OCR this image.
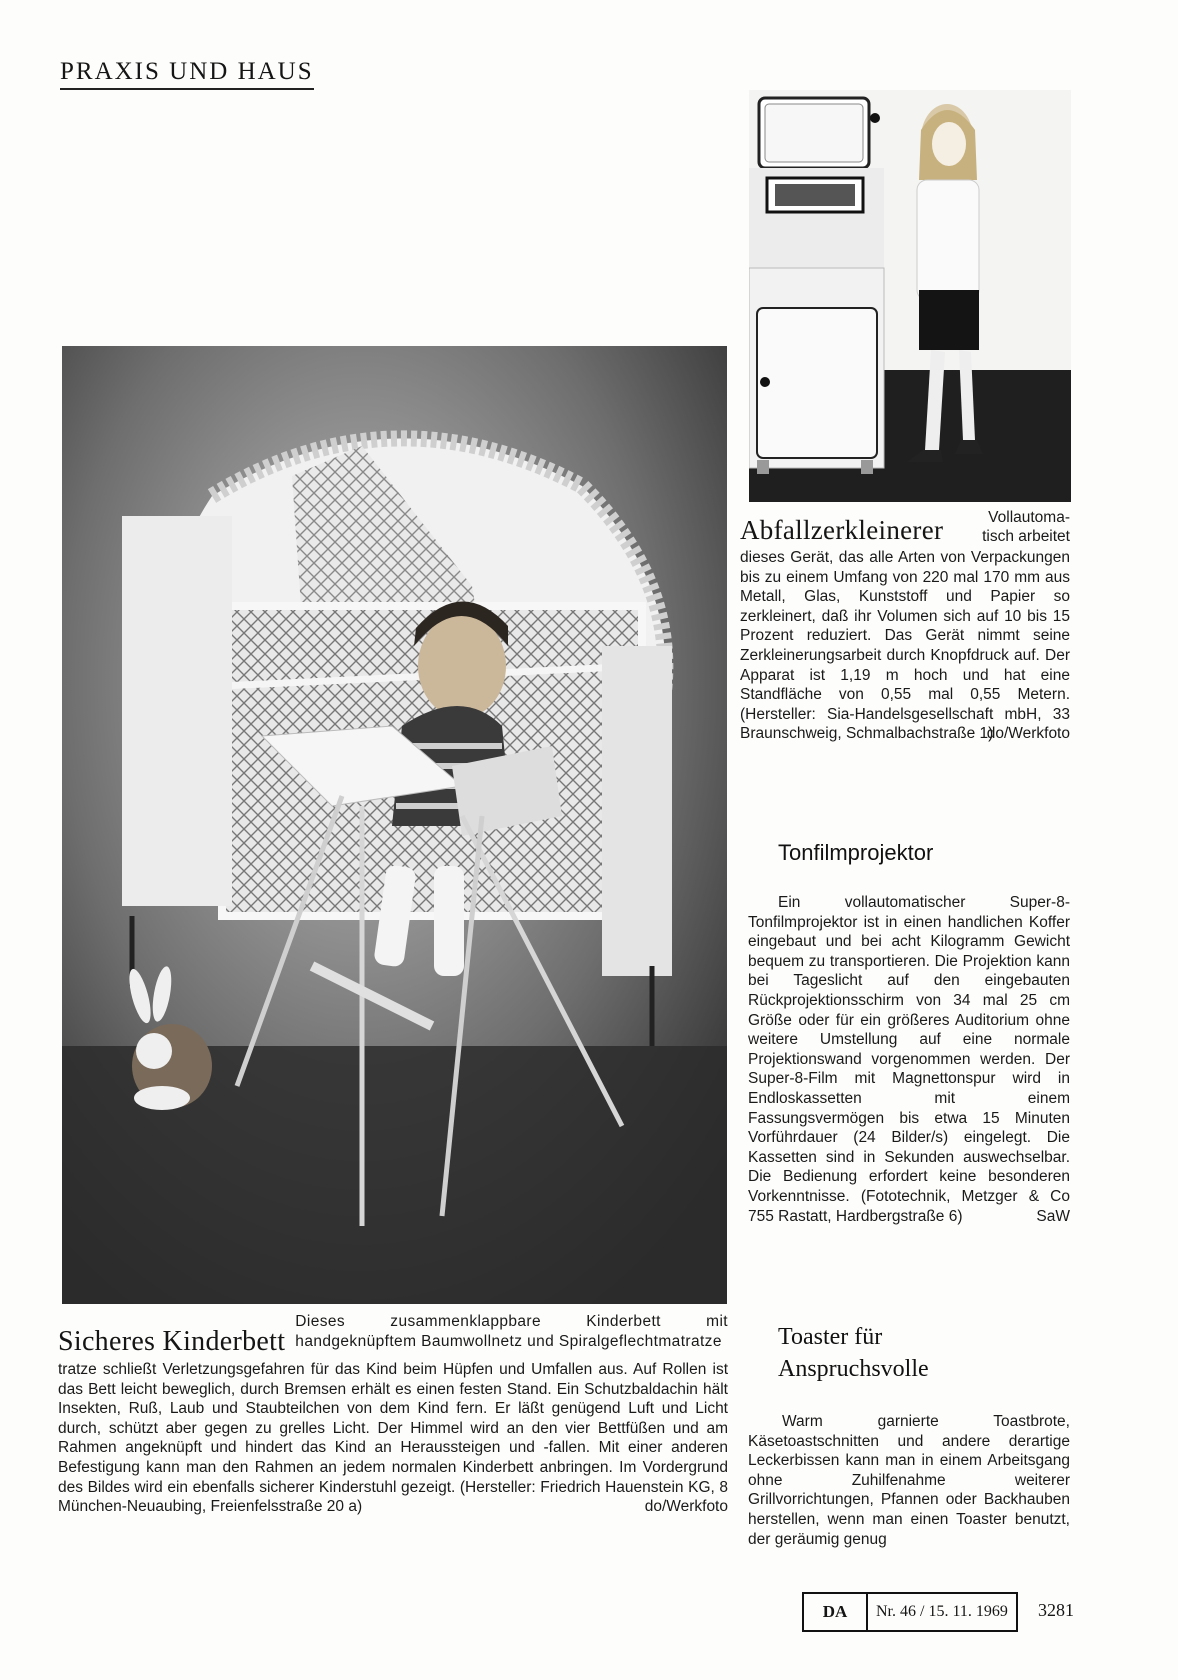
PRAXIS UND HAUS
Abfallzerkleinerer	Vollautoma-
tisch arbeitet
dieses Gerät, das alle Arten von Verpackungen bis zu einem Umfang von 220 mal 170 mm aus Metall, Glas, Kunststoff und Papier so zerkleinert, daß ihr Volumen sich auf 10 bis 15 Prozent reduziert. Das Gerät nimmt seine Zerkleinerungsarbeit durch Knopfdruck auf. Der Apparat ist 1,19 m hoch und hat eine Standfläche von 0,55 mal 0,55 Metern. (Hersteller: Sia-Handelsgesellschaft mbH, 33 Braunschweig, Schmalbachstraße 1)
do/Werkfoto
Tonfilmprojektor
Ein vollautomatischer Super-8-Tonfilmprojektor ist in einen handlichen Koffer eingebaut und bei acht Kilogramm Gewicht bequem zu transportieren. Die Projektion kann bei Tageslicht auf den eingebauten Rückprojektionsschirm von 34 mal 25 cm Größe oder für ein größeres Auditorium ohne weitere Umstellung auf eine normale Projektionswand vorgenommen werden. Der Super-8-Film mit Magnettonspur wird in Endloskassetten mit einem Fassungsvermögen bis etwa 15 Minuten Vorführdauer (24 Bilder/s) eingelegt. Die Kassetten sind in Sekunden auswechselbar. Die Bedienung erfordert keine besonderen Vorkenntnisse. (Fototechnik, Metzger & Co 755 Rastatt, Hardbergstraße 6)	SaW
Sicheres Kinderbett
Dieses zusammenklappbare Kinderbett mit handgeknüpftem Baumwollnetz und Spiralgeflechtmatratze
tratze schließt Verletzungsgefahren für das Kind beim Hüpfen und Umfallen aus. Auf Rollen ist das Bett leicht beweglich, durch Bremsen erhält es einen festen Stand. Ein Schutzbaldachin hält Insekten, Ruß, Laub und Staubteilchen von dem Kind fern. Er läßt genügend Luft und Licht durch, schützt aber gegen zu grelles Licht. Der Himmel wird an den vier Bettfüßen und am Rahmen angeknüpft und hindert das Kind an Heraussteigen und -fallen. Mit einer anderen Befestigung kann man den Rahmen an jedem normalen Kinderbett anbringen. Im Vordergrund des Bildes wird ein ebenfalls sicherer Kinderstuhl gezeigt. (Hersteller: Friedrich Hauenstein KG, 8 München-Neuaubing, Freienfelsstraße 20 a)	do/Werkfoto
Toaster für
Anspruchsvolle
Warm garnierte Toastbrote, Käsetoastschnitten und andere derartige Leckerbissen kann man in einem Arbeitsgang ohne Zuhilfenahme weiterer Grillvorrichtungen, Pfannen oder Backhauben herstellen, wenn man einen Toaster benutzt, der geräumig genug
DA	Nr. 46 / 15. 11. 1969	3281
